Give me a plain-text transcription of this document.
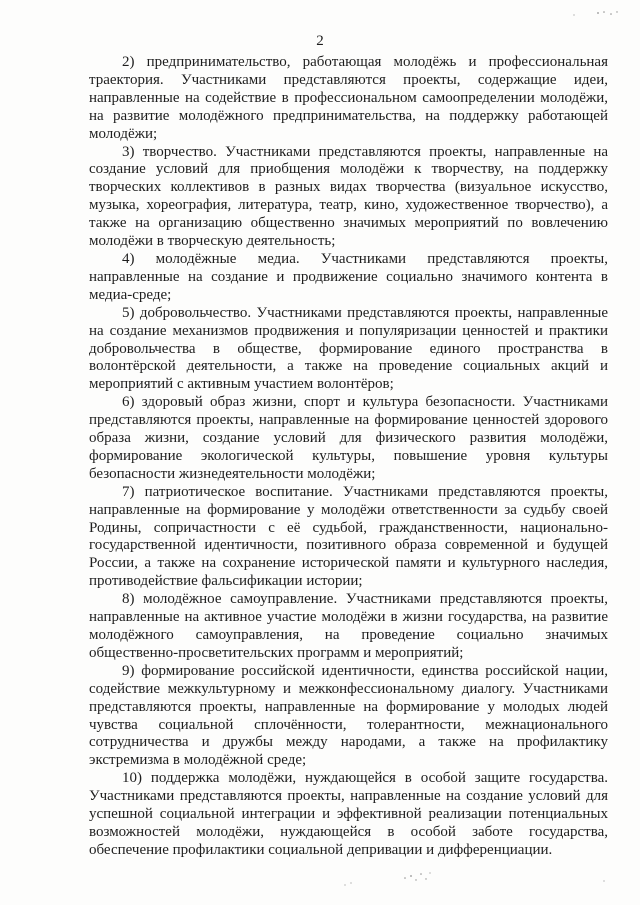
2

2) предпринимательство, работающая молодёжь и профессиональная траектория. Участниками представляются проекты, содержащие идеи, направленные на содействие в профессиональном самоопределении молодёжи, на развитие молодёжного предпринимательства, на поддержку работающей молодёжи;

3) творчество. Участниками представляются проекты, направленные на создание условий для приобщения молодёжи к творчеству, на поддержку творческих коллективов в разных видах творчества (визуальное искусство, музыка, хореография, литература, театр, кино, художественное творчество), а также на организацию общественно значимых мероприятий по вовлечению молодёжи в творческую деятельность;

4) молодёжные медиа. Участниками представляются проекты, направленные на создание и продвижение социально значимого контента в медиа-среде;

5) добровольчество. Участниками представляются проекты, направленные на создание механизмов продвижения и популяризации ценностей и практики добровольчества в обществе, формирование единого пространства в волонтёрской деятельности, а также на проведение социальных акций и мероприятий с активным участием волонтёров;

6) здоровый образ жизни, спорт и культура безопасности. Участниками представляются проекты, направленные на формирование ценностей здорового образа жизни, создание условий для физического развития молодёжи, формирование экологической культуры, повышение уровня культуры безопасности жизнедеятельности молодёжи;

7) патриотическое воспитание. Участниками представляются проекты, направленные на формирование у молодёжи ответственности за судьбу своей Родины, сопричастности с её судьбой, гражданственности, национально-государственной идентичности, позитивного образа современной и будущей России, а также на сохранение исторической памяти и культурного наследия, противодействие фальсификации истории;

8) молодёжное самоуправление. Участниками представляются проекты, направленные на активное участие молодёжи в жизни государства, на развитие молодёжного самоуправления, на проведение социально значимых общественно-просветительских программ и мероприятий;

9) формирование российской идентичности, единства российской нации, содействие межкультурному и межконфессиональному диалогу. Участниками представляются проекты, направленные на формирование у молодых людей чувства социальной сплочённости, толерантности, межнационального сотрудничества и дружбы между народами, а также на профилактику экстремизма в молодёжной среде;

10) поддержка молодёжи, нуждающейся в особой защите государства. Участниками представляются проекты, направленные на создание условий для успешной социальной интеграции и эффективной реализации потенциальных возможностей молодёжи, нуждающейся в особой заботе государства, обеспечение профилактики социальной депривации и дифференциации.
